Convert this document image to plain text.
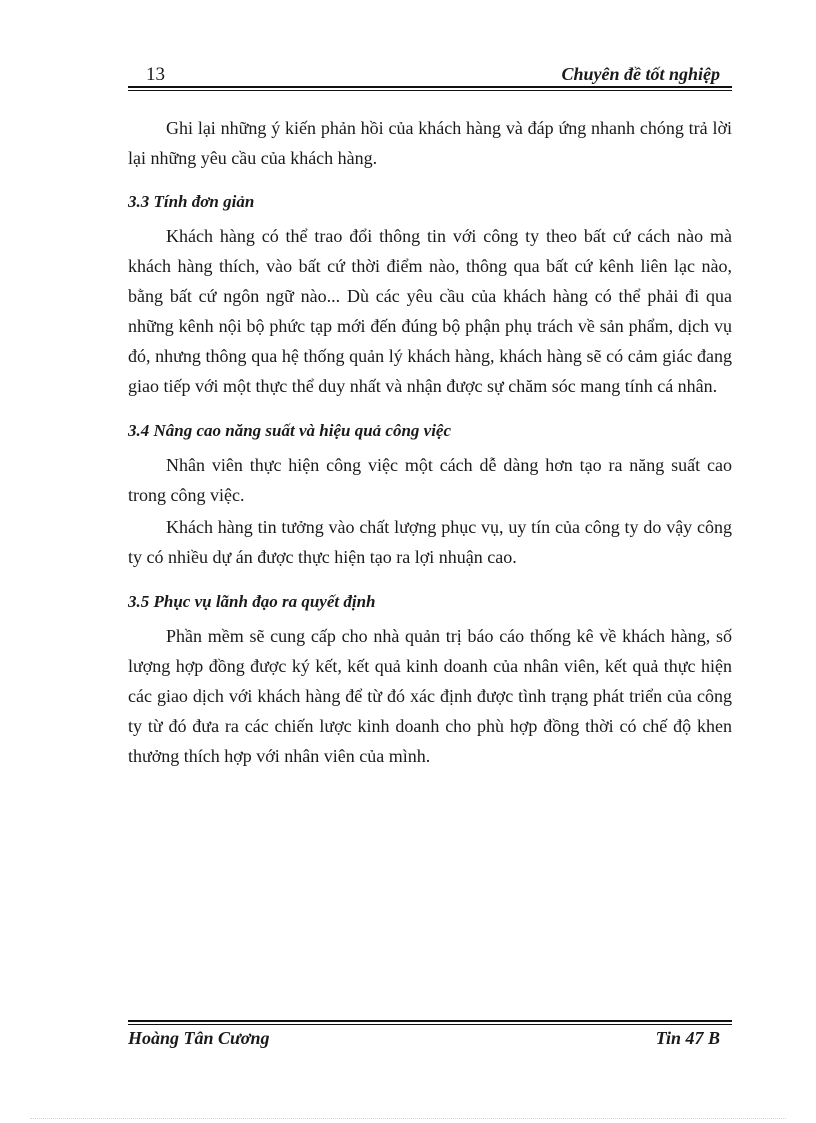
13	Chuyên đề tốt nghiệp

Ghi lại những ý kiến phản hồi của khách hàng và đáp ứng nhanh chóng trả lời lại những yêu cầu của khách hàng.

3.3 Tính đơn giản

Khách hàng có thể trao đổi thông tin với công ty theo bất cứ cách nào mà khách hàng thích, vào bất cứ thời điểm nào, thông qua bất cứ kênh liên lạc nào, bằng bất cứ ngôn ngữ nào... Dù các yêu cầu của khách hàng có thể phải đi qua những kênh nội bộ phức tạp mới đến đúng bộ phận phụ trách về sản phẩm, dịch vụ đó, nhưng thông qua hệ thống quản lý khách hàng, khách hàng sẽ có cảm giác đang giao tiếp với một thực thể duy nhất và nhận được sự chăm sóc mang tính cá nhân.

3.4 Nâng cao năng suất và hiệu quả công việc

Nhân viên thực hiện công việc một cách dễ dàng hơn tạo ra năng suất cao trong công việc.

Khách hàng tin tưởng vào chất lượng phục vụ, uy tín của công ty do vậy công ty có nhiều dự án được thực hiện tạo ra lợi nhuận cao.

3.5 Phục vụ lãnh đạo ra quyết định

Phần mềm sẽ cung cấp cho nhà quản trị báo cáo thống kê về khách hàng, số lượng hợp đồng được ký kết, kết quả kinh doanh của nhân viên, kết quả thực hiện các giao dịch với khách hàng để từ đó xác định được tình trạng phát triển của công ty từ đó đưa ra các chiến lược kinh doanh cho phù hợp đồng thời có chế độ khen thưởng thích hợp với nhân viên của mình.

Hoàng Tân Cương	Tin 47 B
